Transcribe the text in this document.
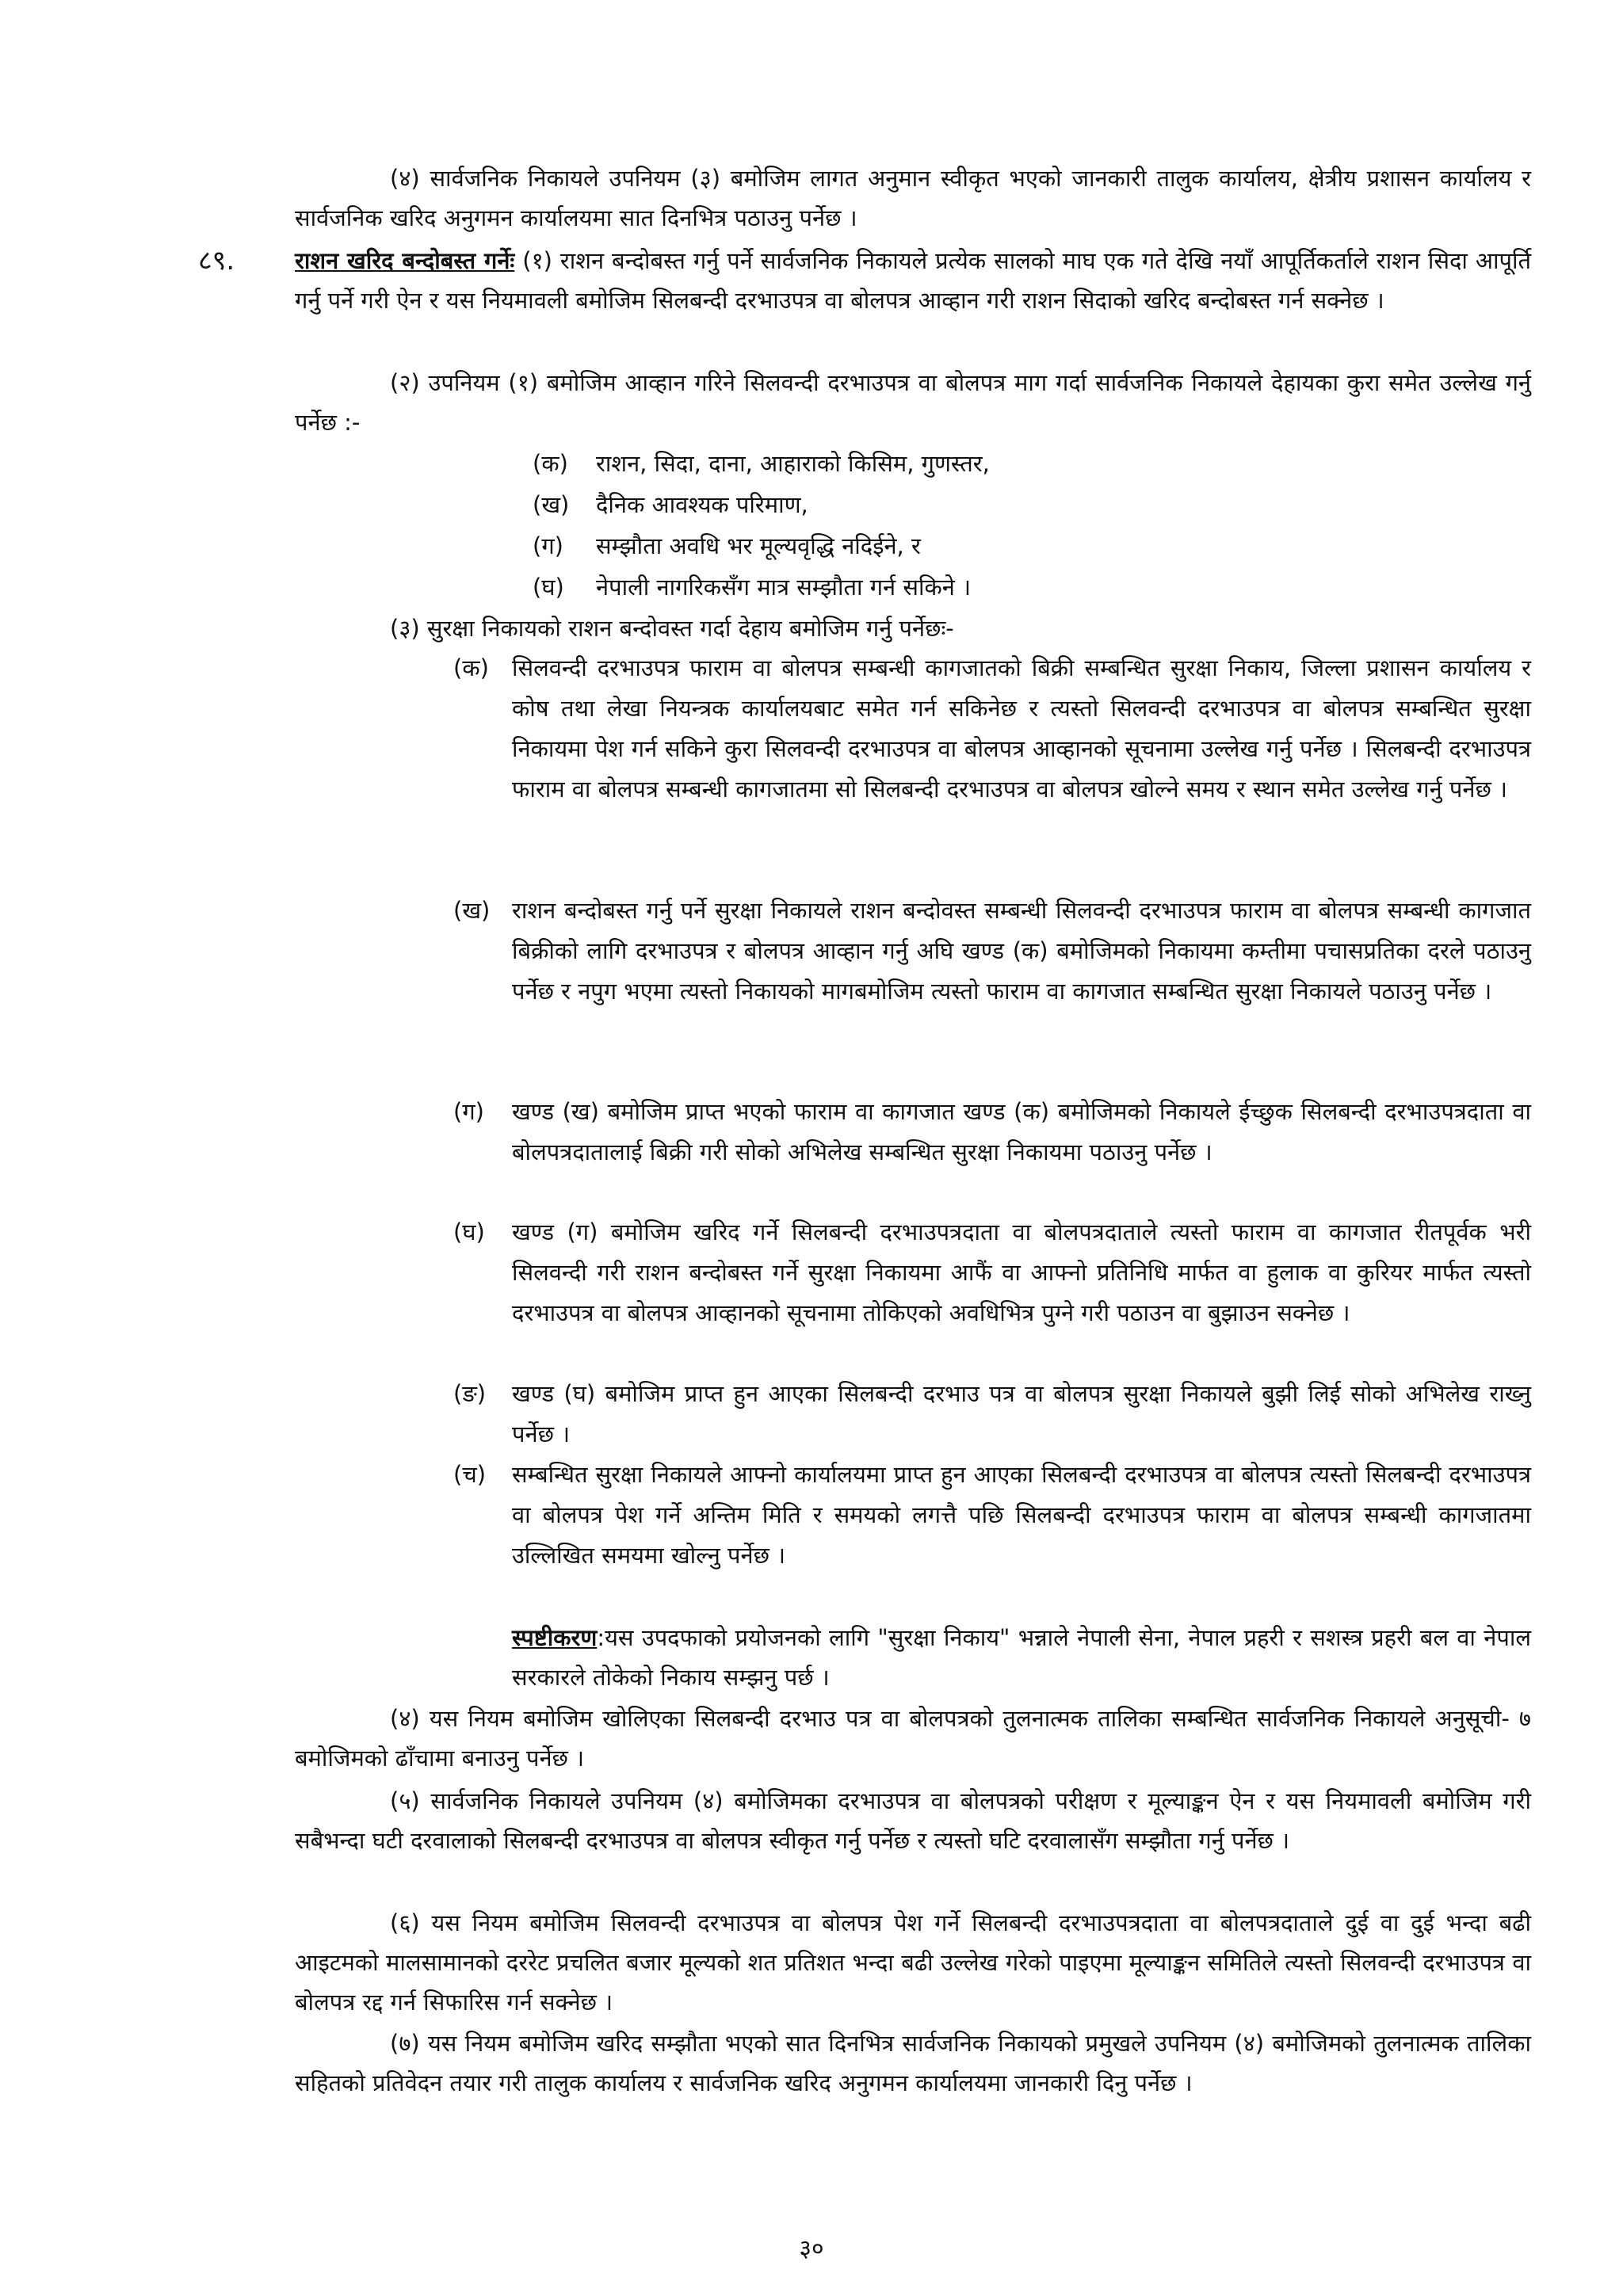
(४) सार्वजनिक निकायले उपनियम (३) बमोजिम लागत अनुमान स्वीकृत भएको जानकारी तालुक कार्यालय, क्षेत्रीय प्रशासन कार्यालय र सार्वजनिक खरिद अनुगमन कार्यालयमा सात दिनभित्र पठाउनु पर्नेछ ।

८९.	राशन खरिद बन्दोबस्त गर्नेः (१) राशन बन्दोबस्त गर्नु पर्ने सार्वजनिक निकायले प्रत्येक सालको माघ एक गते देखि नयाँ आपूर्तिकर्ताले राशन सिदा आपूर्ति गर्नु पर्ने गरी ऐन र यस नियमावली बमोजिम सिलबन्दी दरभाउपत्र वा बोलपत्र आव्हान गरी राशन सिदाको खरिद बन्दोबस्त गर्न सक्नेछ ।

(२) उपनियम (१) बमोजिम आव्हान गरिने सिलवन्दी दरभाउपत्र वा बोलपत्र माग गर्दा सार्वजनिक निकायले देहायका कुरा समेत उल्लेख गर्नु पर्नेछ :-

(क) राशन, सिदा, दाना, आहाराको किसिम, गुणस्तर,
(ख) दैनिक आवश्यक परिमाण,
(ग) सम्झौता अवधि भर मूल्यवृद्धि नदिईने, र
(घ) नेपाली नागरिकसँग मात्र सम्झौता गर्न सकिने ।

(३) सुरक्षा निकायको राशन बन्दोवस्त गर्दा देहाय बमोजिम गर्नु पर्नेछः-

(क) सिलवन्दी दरभाउपत्र फाराम वा बोलपत्र सम्बन्धी कागजातको बिक्री सम्बन्धित सुरक्षा निकाय, जिल्ला प्रशासन कार्यालय र कोष तथा लेखा नियन्त्रक कार्यालयबाट समेत गर्न सकिनेछ र त्यस्तो सिलवन्दी दरभाउपत्र वा बोलपत्र सम्बन्धित सुरक्षा निकायमा पेश गर्न सकिने कुरा सिलवन्दी दरभाउपत्र वा बोलपत्र आव्हानको सूचनामा उल्लेख गर्नु पर्नेछ । सिलबन्दी दरभाउपत्र फाराम वा बोलपत्र सम्बन्धी कागजातमा सो सिलबन्दी दरभाउपत्र वा बोलपत्र खोल्ने समय र स्थान समेत उल्लेख गर्नु पर्नेछ ।
(ख) राशन बन्दोबस्त गर्नु पर्ने सुरक्षा निकायले राशन बन्दोवस्त सम्बन्धी सिलवन्दी दरभाउपत्र फाराम वा बोलपत्र सम्बन्धी कागजात बिक्रीको लागि दरभाउपत्र र बोलपत्र आव्हान गर्नु अघि खण्ड (क) बमोजिमको निकायमा कम्तीमा पचासप्रतिका दरले पठाउनु पर्नेछ र नपुग भएमा त्यस्तो निकायको मागबमोजिम त्यस्तो फाराम वा कागजात सम्बन्धित सुरक्षा निकायले पठाउनु पर्नेछ ।
(ग) खण्ड (ख) बमोजिम प्राप्त भएको फाराम वा कागजात खण्ड (क) बमोजिमको निकायले ईच्छुक सिलबन्दी दरभाउपत्रदाता वा बोलपत्रदातालाई बिक्री गरी सोको अभिलेख सम्बन्धित सुरक्षा निकायमा पठाउनु पर्नेछ ।
(घ) खण्ड (ग) बमोजिम खरिद गर्ने सिलबन्दी दरभाउपत्रदाता वा बोलपत्रदाताले त्यस्तो फाराम वा कागजात रीतपूर्वक भरी सिलवन्दी गरी राशन बन्दोबस्त गर्ने सुरक्षा निकायमा आफैं वा आफ्नो प्रतिनिधि मार्फत वा हुलाक वा कुरियर मार्फत त्यस्तो दरभाउपत्र वा बोलपत्र आव्हानको सूचनामा तोकिएको अवधिभित्र पुग्ने गरी पठाउन वा बुझाउन सक्नेछ ।
(ङ) खण्ड (घ) बमोजिम प्राप्त हुन आएका सिलबन्दी दरभाउ पत्र वा बोलपत्र सुरक्षा निकायले बुझी लिई सोको अभिलेख राख्नु पर्नेछ ।
(च) सम्बन्धित सुरक्षा निकायले आफ्नो कार्यालयमा प्राप्त हुन आएका सिलबन्दी दरभाउपत्र वा बोलपत्र त्यस्तो सिलबन्दी दरभाउपत्र वा बोलपत्र पेश गर्ने अन्तिम मिति र समयको लगत्तै पछि सिलबन्दी दरभाउपत्र फाराम वा बोलपत्र सम्बन्धी कागजातमा उल्लिखित समयमा खोल्नु पर्नेछ ।

स्पष्टीकरण:यस उपदफाको प्रयोजनको लागि "सुरक्षा निकाय" भन्नाले नेपाली सेना, नेपाल प्रहरी र सशस्त्र प्रहरी बल वा नेपाल सरकारले तोकेको निकाय सम्झनु पर्छ ।

(४) यस नियम बमोजिम खोलिएका सिलबन्दी दरभाउ पत्र वा बोलपत्रको तुलनात्मक तालिका सम्बन्धित सार्वजनिक निकायले अनुसूची- ७ बमोजिमको ढाँचामा बनाउनु पर्नेछ ।

(५) सार्वजनिक निकायले उपनियम (४) बमोजिमका दरभाउपत्र वा बोलपत्रको परीक्षण र मूल्याङ्कन ऐन र यस नियमावली बमोजिम गरी सबैभन्दा घटी दरवालाको सिलबन्दी दरभाउपत्र वा बोलपत्र स्वीकृत गर्नु पर्नेछ र त्यस्तो घटि दरवालासँग सम्झौता गर्नु पर्नेछ ।

(६) यस नियम बमोजिम सिलवन्दी दरभाउपत्र वा बोलपत्र पेश गर्ने सिलबन्दी दरभाउपत्रदाता वा बोलपत्रदाताले दुई वा दुई भन्दा बढी आइटमको मालसामानको दररेट प्रचलित बजार मूल्यको शत प्रतिशत भन्दा बढी उल्लेख गरेको पाइएमा मूल्याङ्कन समितिले त्यस्तो सिलवन्दी दरभाउपत्र वा बोलपत्र रद्द गर्न सिफारिस गर्न सक्नेछ ।

(७) यस नियम बमोजिम खरिद सम्झौता भएको सात दिनभित्र सार्वजनिक निकायको प्रमुखले उपनियम (४) बमोजिमको तुलनात्मक तालिका सहितको प्रतिवेदन तयार गरी तालुक कार्यालय र सार्वजनिक खरिद अनुगमन कार्यालयमा जानकारी दिनु पर्नेछ ।

३०
